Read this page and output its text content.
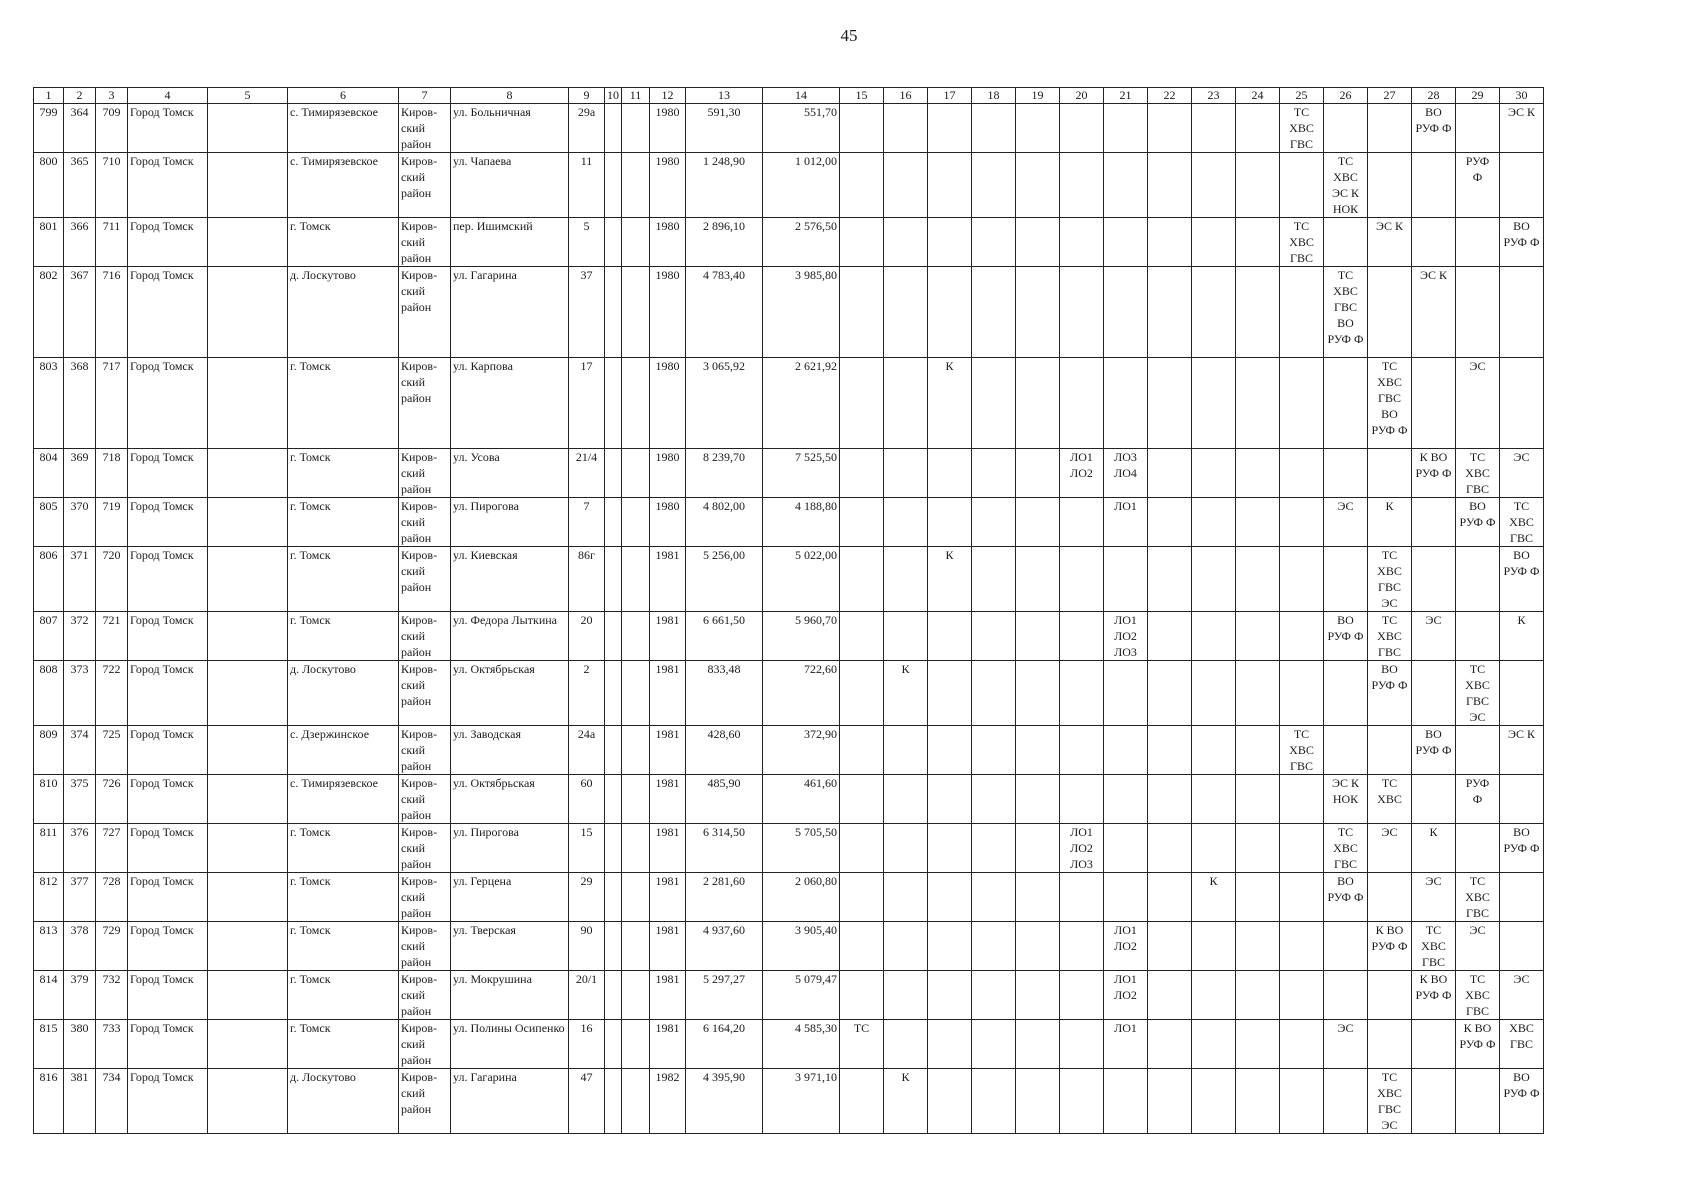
45
1	2	3	4	5	6	7	8	9	10	11	12	13	14	15	16	17	18	19	20	21	22	23	24	25	26	27	28	29	30
799	364	709	Город Томск		с. Тимирязевское	Киров-
ский
район	ул. Больничная	29а			1980	591,30	551,70											ТС
ХВС
ГВС			ВО
РУФ Ф		ЭС К
800	365	710	Город Томск		с. Тимирязевское	Киров-
ский
район	ул. Чапаева	11			1980	1 248,90	1 012,00												ТС
ХВС
ЭС К
НОК			РУФ
Ф	
801	366	711	Город Томск		г. Томск	Киров-
ский
район	пер. Ишимский	5			1980	2 896,10	2 576,50											ТС
ХВС
ГВС		ЭС К			ВО
РУФ Ф
802	367	716	Город Томск		д. Лоскутово	Киров-
ский
район	ул. Гагарина	37			1980	4 783,40	3 985,80												ТС
ХВС
ГВС
ВО
РУФ Ф		ЭС К		
803	368	717	Город Томск		г. Томск	Киров-
ский
район	ул. Карпова	17			1980	3 065,92	2 621,92			К										ТС
ХВС
ГВС
ВО
РУФ Ф		ЭС	
804	369	718	Город Томск		г. Томск	Киров-
ский
район	ул. Усова	21/4			1980	8 239,70	7 525,50						ЛО1
ЛО2	ЛО3
ЛО4							К ВО
РУФ Ф	ТС
ХВС
ГВС	ЭС
805	370	719	Город Томск		г. Томск	Киров-
ский
район	ул. Пирогова	7			1980	4 802,00	4 188,80							ЛО1					ЭС	К		ВО
РУФ Ф	ТС
ХВС
ГВС
806	371	720	Город Томск		г. Томск	Киров-
ский
район	ул. Киевская	86г			1981	5 256,00	5 022,00			К										ТС
ХВС
ГВС
ЭС			ВО
РУФ Ф
807	372	721	Город Томск		г. Томск	Киров-
ский
район	ул. Федора Лыткина	20			1981	6 661,50	5 960,70							ЛО1
ЛО2
ЛО3					ВО
РУФ Ф	ТС
ХВС
ГВС	ЭС		К
808	373	722	Город Томск		д. Лоскутово	Киров-
ский
район	ул. Октябрьская	2			1981	833,48	722,60		К											ВО
РУФ Ф		ТС
ХВС
ГВС
ЭС	
809	374	725	Город Томск		с. Дзержинское	Киров-
ский
район	ул. Заводская	24а			1981	428,60	372,90											ТС
ХВС
ГВС			ВО
РУФ Ф		ЭС К
810	375	726	Город Томск		с. Тимирязевское	Киров-
ский
район	ул. Октябрьская	60			1981	485,90	461,60												ЭС К
НОК	ТС
ХВС		РУФ
Ф	
811	376	727	Город Томск		г. Томск	Киров-
ский
район	ул. Пирогова	15			1981	6 314,50	5 705,50						ЛО1
ЛО2
ЛО3						ТС
ХВС
ГВС	ЭС	К		ВО
РУФ Ф
812	377	728	Город Томск		г. Томск	Киров-
ский
район	ул. Герцена	29			1981	2 281,60	2 060,80									К			ВО
РУФ Ф		ЭС	ТС
ХВС
ГВС	
813	378	729	Город Томск		г. Томск	Киров-
ский
район	ул. Тверская	90			1981	4 937,60	3 905,40							ЛО1
ЛО2						К ВО
РУФ Ф	ТС
ХВС
ГВС	ЭС	
814	379	732	Город Томск		г. Томск	Киров-
ский
район	ул. Мокрушина	20/1			1981	5 297,27	5 079,47							ЛО1
ЛО2							К ВО
РУФ Ф	ТС
ХВС
ГВС	ЭС
815	380	733	Город Томск		г. Томск	Киров-
ский
район	ул. Полины Осипенко	16			1981	6 164,20	4 585,30	ТС						ЛО1					ЭС			К ВО
РУФ Ф	ХВС
ГВС
816	381	734	Город Томск		д. Лоскутово	Киров-
ский
район	ул. Гагарина	47			1982	4 395,90	3 971,10		К											ТС
ХВС
ГВС
ЭС			ВО
РУФ Ф
